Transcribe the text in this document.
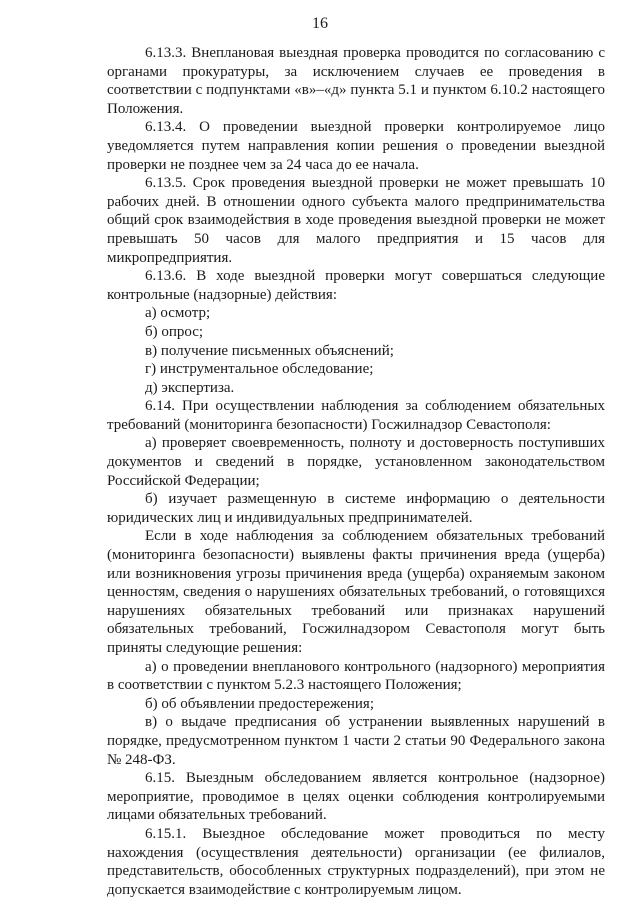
16

6.13.3. Внеплановая выездная проверка проводится по согласованию с органами прокуратуры, за исключением случаев ее проведения в соответствии с подпунктами «в»–«д» пункта 5.1 и пунктом 6.10.2 настоящего Положения.

6.13.4. О проведении выездной проверки контролируемое лицо уведомляется путем направления копии решения о проведении выездной проверки не позднее чем за 24 часа до ее начала.

6.13.5. Срок проведения выездной проверки не может превышать 10 рабочих дней. В отношении одного субъекта малого предпринимательства общий срок взаимодействия в ходе проведения выездной проверки не может превышать 50 часов для малого предприятия и 15 часов для микропредприятия.

6.13.6. В ходе выездной проверки могут совершаться следующие контрольные (надзорные) действия:

а) осмотр;

б) опрос;

в) получение письменных объяснений;

г) инструментальное обследование;

д) экспертиза.

6.14. При осуществлении наблюдения за соблюдением обязательных требований (мониторинга безопасности) Госжилнадзор Севастополя:

а) проверяет своевременность, полноту и достоверность поступивших документов и сведений в порядке, установленном законодательством Российской Федерации;

б) изучает размещенную в системе информацию о деятельности юридических лиц и индивидуальных предпринимателей.

Если в ходе наблюдения за соблюдением обязательных требований (мониторинга безопасности) выявлены факты причинения вреда (ущерба) или возникновения угрозы причинения вреда (ущерба) охраняемым законом ценностям, сведения о нарушениях обязательных требований, о готовящихся нарушениях обязательных требований или признаках нарушений обязательных требований, Госжилнадзором Севастополя могут быть приняты следующие решения:

а) о проведении внепланового контрольного (надзорного) мероприятия в соответствии с пунктом 5.2.3 настоящего Положения;

б) об объявлении предостережения;

в) о выдаче предписания об устранении выявленных нарушений в порядке, предусмотренном пунктом 1 части 2 статьи 90 Федерального закона № 248-ФЗ.

6.15. Выездным обследованием является контрольное (надзорное) мероприятие, проводимое в целях оценки соблюдения контролируемыми лицами обязательных требований.

6.15.1. Выездное обследование может проводиться по месту нахождения (осуществления деятельности) организации (ее филиалов, представительств, обособленных структурных подразделений), при этом не допускается взаимодействие с контролируемым лицом.
